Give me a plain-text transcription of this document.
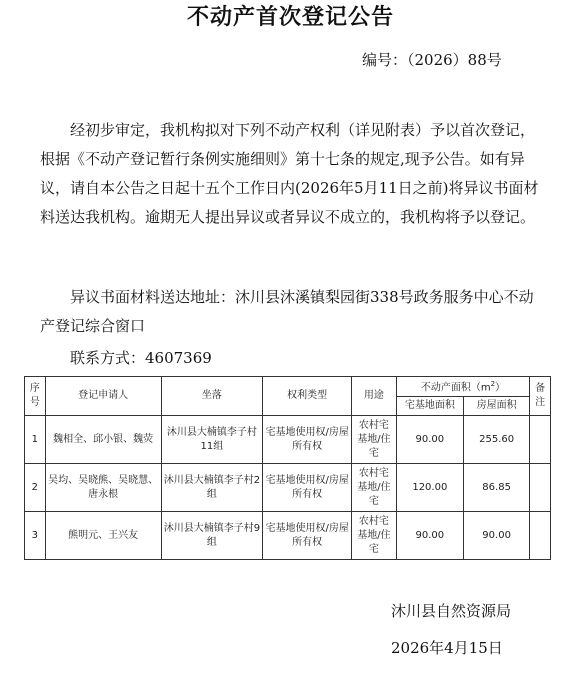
不动产首次登记公告
编号：（2026）88号

经初步审定，我机构拟对下列不动产权利（详见附表）予以首次登记，根据《不动产登记暂行条例实施细则》第十七条的规定,现予公告。如有异议，请自本公告之日起十五个工作日内(2026年5月11日之前)将异议书面材料送达我机构。逾期无人提出异议或者异议不成立的，我机构将予以登记。

异议书面材料送达地址：沐川县沐溪镇梨园街338号政务服务中心不动产登记综合窗口

联系方式：4607369

序号	登记申请人	坐落	权利类型	用途	不动产面积$(m^2)$		备注
					宅基地面积	房屋面积	
1	魏相全、邱小银、魏荧	沐川县大楠镇李子村11组	宅基地使用权/房屋所有权	农村宅基地/住宅	90.00	255.60	
2	吴均、吴晓熊、吴晓慧、唐永根	沐川县大楠镇李子村2组	宅基地使用权/房屋所有权	农村宅基地/住宅	120.00	86.85	
3	熊明元、王兴友	沐川县大楠镇李子村9组	宅基地使用权/房屋所有权	农村宅基地/住宅	90.00	90.00	
沐川县自然资源局
2026年4月15日
